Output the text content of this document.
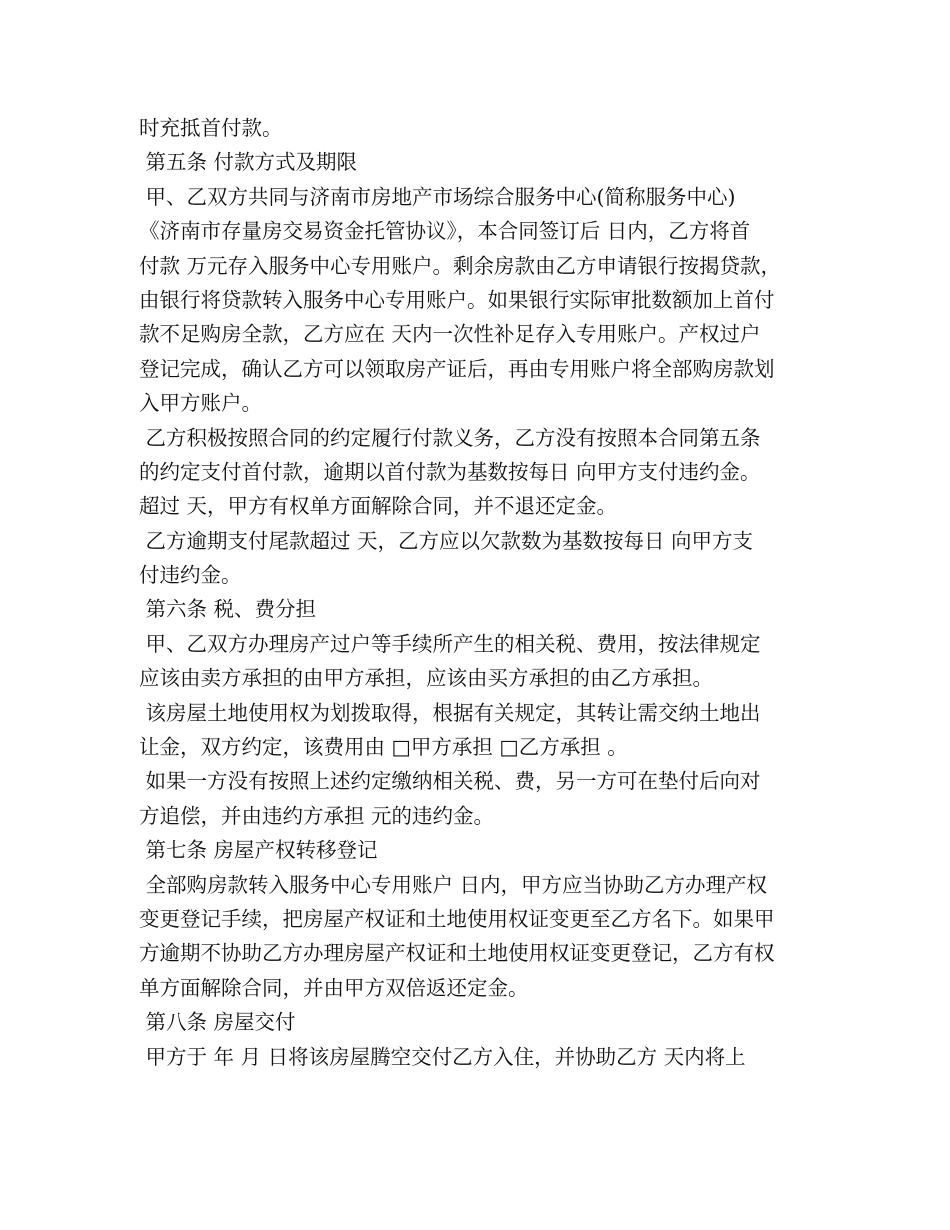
时充抵首付款。
第五条 付款方式及期限
甲、乙双方共同与济南市房地产市场综合服务中心(简称服务中心)
《济南市存量房交易资金托管协议》，本合同签订后 日内，乙方将首
付款 万元存入服务中心专用账户。剩余房款由乙方申请银行按揭贷款，
由银行将贷款转入服务中心专用账户。如果银行实际审批数额加上首付
款不足购房全款，乙方应在 天内一次性补足存入专用账户。产权过户
登记完成，确认乙方可以领取房产证后，再由专用账户将全部购房款划
入甲方账户。
乙方积极按照合同的约定履行付款义务，乙方没有按照本合同第五条
的约定支付首付款，逾期以首付款为基数按每日 向甲方支付违约金。
超过 天，甲方有权单方面解除合同，并不退还定金。
乙方逾期支付尾款超过 天，乙方应以欠款数为基数按每日 向甲方支
付违约金。
第六条 税、费分担
甲、乙双方办理房产过户等手续所产生的相关税、费用，按法律规定
应该由卖方承担的由甲方承担，应该由买方承担的由乙方承担。
该房屋土地使用权为划拨取得，根据有关规定，其转让需交纳土地出
让金，双方约定，该费用由 □甲方承担 □乙方承担 。
如果一方没有按照上述约定缴纳相关税、费，另一方可在垫付后向对
方追偿，并由违约方承担 元的违约金。
第七条 房屋产权转移登记
全部购房款转入服务中心专用账户 日内，甲方应当协助乙方办理产权
变更登记手续，把房屋产权证和土地使用权证变更至乙方名下。如果甲
方逾期不协助乙方办理房屋产权证和土地使用权证变更登记，乙方有权
单方面解除合同，并由甲方双倍返还定金。
第八条 房屋交付
甲方于 年 月 日将该房屋腾空交付乙方入住，并协助乙方 天内将上
